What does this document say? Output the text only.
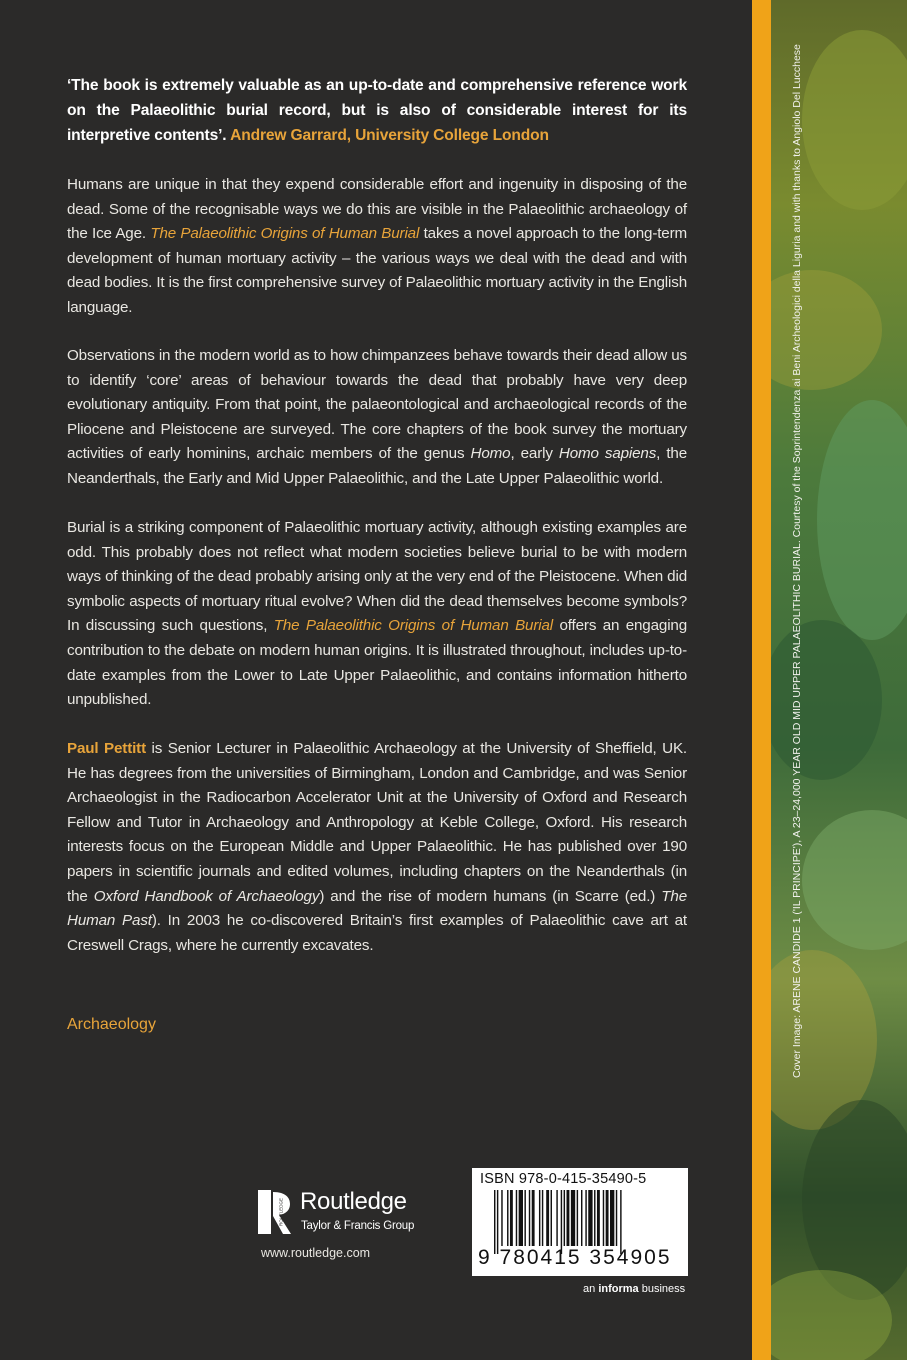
‘The book is extremely valuable as an up-to-date and comprehensive reference work on the Palaeolithic burial record, but is also of considerable interest for its interpretive contents’. Andrew Garrard, University College London
Humans are unique in that they expend considerable effort and ingenuity in disposing of the dead. Some of the recognisable ways we do this are visible in the Palaeolithic archaeology of the Ice Age. The Palaeolithic Origins of Human Burial takes a novel approach to the long-term development of human mortuary activity – the various ways we deal with the dead and with dead bodies. It is the first comprehensive survey of Palaeolithic mortuary activity in the English language.
Observations in the modern world as to how chimpanzees behave towards their dead allow us to identify ‘core’ areas of behaviour towards the dead that probably have very deep evolutionary antiquity. From that point, the palaeontological and archaeological records of the Pliocene and Pleistocene are surveyed. The core chapters of the book survey the mortuary activities of early hominins, archaic members of the genus Homo, early Homo sapiens, the Neanderthals, the Early and Mid Upper Palaeolithic, and the Late Upper Palaeolithic world.
Burial is a striking component of Palaeolithic mortuary activity, although existing examples are odd. This probably does not reflect what modern societies believe burial to be with modern ways of thinking of the dead probably arising only at the very end of the Pleistocene. When did symbolic aspects of mortuary ritual evolve? When did the dead themselves become symbols? In discussing such questions, The Palaeolithic Origins of Human Burial offers an engaging contribution to the debate on modern human origins. It is illustrated throughout, includes up-to-date examples from the Lower to Late Upper Palaeolithic, and contains information hitherto unpublished.
Paul Pettitt is Senior Lecturer in Palaeolithic Archaeology at the University of Sheffield, UK. He has degrees from the universities of Birmingham, London and Cambridge, and was Senior Archaeologist in the Radiocarbon Accelerator Unit at the University of Oxford and Research Fellow and Tutor in Archaeology and Anthropology at Keble College, Oxford. His research interests focus on the European Middle and Upper Palaeolithic. He has published over 190 papers in scientific journals and edited volumes, including chapters on the Neanderthals (in the Oxford Handbook of Archaeology) and the rise of modern humans (in Scarre (ed.) The Human Past). In 2003 he co-discovered Britain’s first examples of Palaeolithic cave art at Creswell Crags, where he currently excavates.
Archaeology
ROUTLEDGE Routledge
Taylor & Francis Group
www.routledge.com
ISBN 978-0-415-35490-5
9 780415 354905
an informa business
Cover Image: ARENE CANDIDE 1 ('IL PRINCIPE'), A 23–24,000 YEAR OLD MID UPPER PALAEOLITHIC BURIAL. Courtesy of the Soprintendenza ai Beni Archeologici della Liguria and with thanks to Angiolo Del Lucchese
